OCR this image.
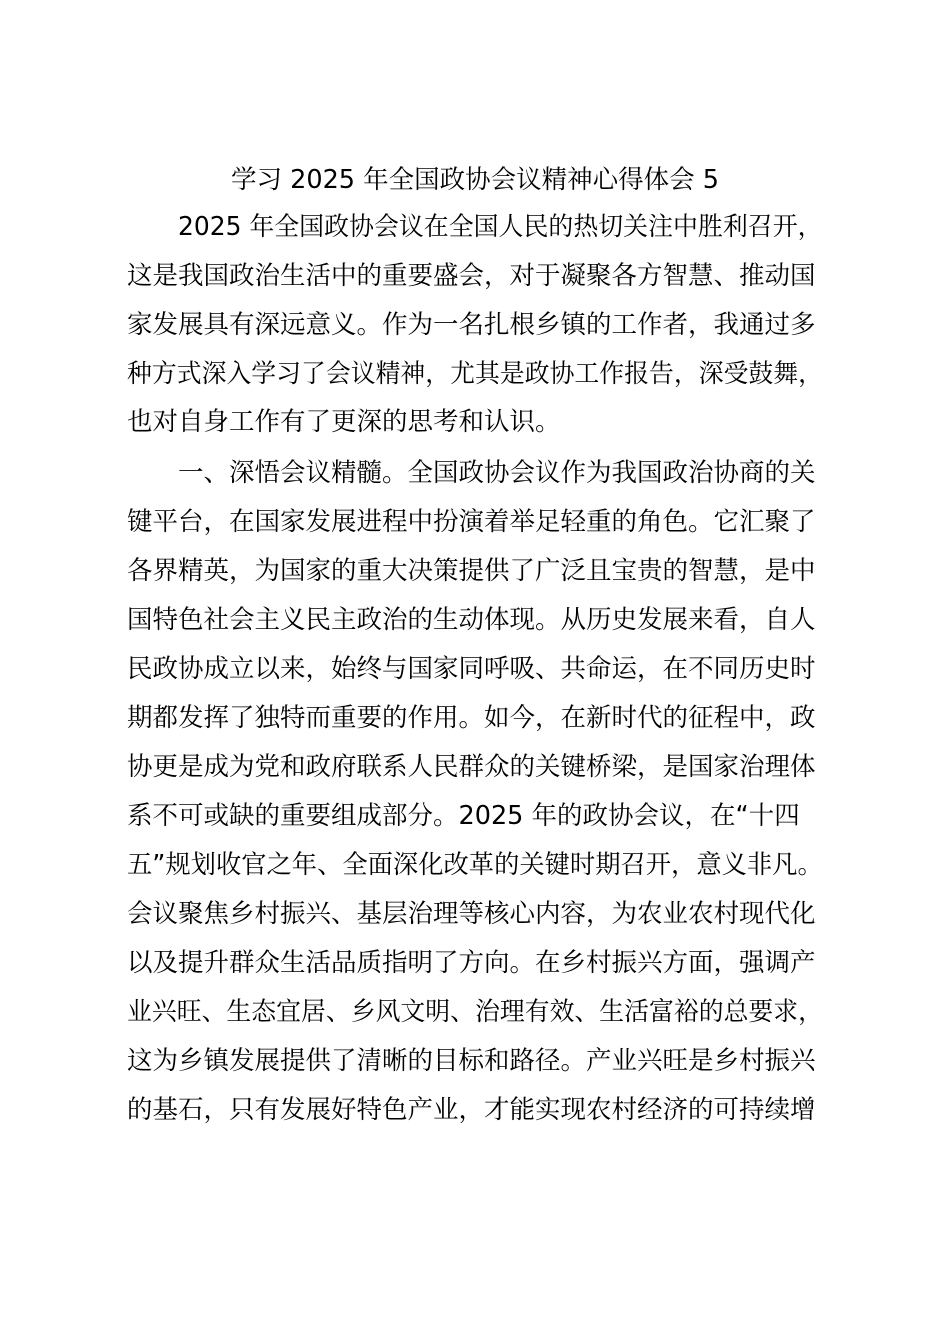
学习 2025 年全国政协会议精神心得体会 5
2025 年全国政协会议在全国人民的热切关注中胜利召开，
这是我国政治生活中的重要盛会，对于凝聚各方智慧、推动国
家发展具有深远意义。作为一名扎根乡镇的工作者，我通过多
种方式深入学习了会议精神，尤其是政协工作报告，深受鼓舞，
也对自身工作有了更深的思考和认识。
一、深悟会议精髓。全国政协会议作为我国政治协商的关
键平台，在国家发展进程中扮演着举足轻重的角色。它汇聚了
各界精英，为国家的重大决策提供了广泛且宝贵的智慧，是中
国特色社会主义民主政治的生动体现。从历史发展来看，自人
民政协成立以来，始终与国家同呼吸、共命运，在不同历史时
期都发挥了独特而重要的作用。如今，在新时代的征程中，政
协更是成为党和政府联系人民群众的关键桥梁，是国家治理体
系不可或缺的重要组成部分。2025 年的政协会议，在“十四
五”规划收官之年、全面深化改革的关键时期召开，意义非凡。
会议聚焦乡村振兴、基层治理等核心内容，为农业农村现代化
以及提升群众生活品质指明了方向。在乡村振兴方面，强调产
业兴旺、生态宜居、乡风文明、治理有效、生活富裕的总要求，
这为乡镇发展提供了清晰的目标和路径。产业兴旺是乡村振兴
的基石，只有发展好特色产业，才能实现农村经济的可持续增
